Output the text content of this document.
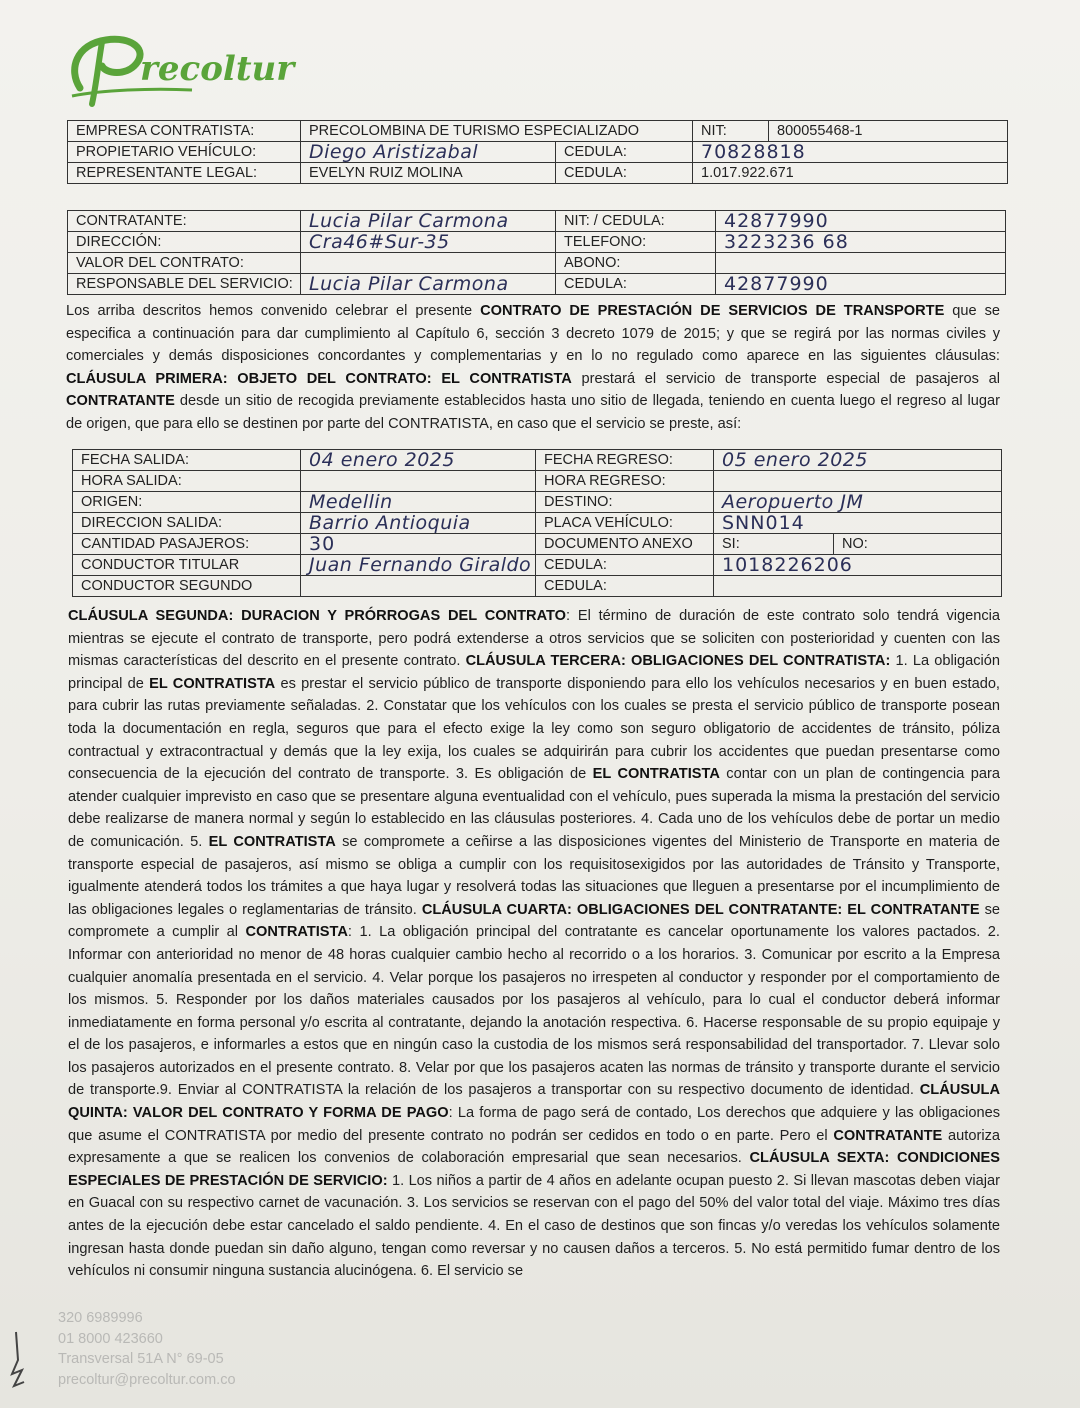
recoltur
EMPRESA CONTRATISTA:	PRECOLOMBINA DE TURISMO ESPECIALIZADO		NIT:	800055468-1
PROPIETARIO VEHÍCULO:	Diego Aristizabal	CEDULA:	70828818	
REPRESENTANTE LEGAL:	EVELYN RUIZ MOLINA	CEDULA:	1.017.922.671	
CONTRATANTE:	Lucia Pilar Carmona	NIT: / CEDULA:	42877990
DIRECCIÓN:	Cra46#Sur-35	TELEFONO:	3223236 68
VALOR DEL CONTRATO:		ABONO:	
RESPONSABLE DEL SERVICIO:	Lucia Pilar Carmona	CEDULA:	42877990
Los arriba descritos hemos convenido celebrar el presente CONTRATO DE PRESTACIÓN DE SERVICIOS DE TRANSPORTE que se especifica a continuación para dar cumplimiento al Capítulo 6, sección 3 decreto 1079 de 2015; y que se regirá por las normas civiles y comerciales y demás disposiciones concordantes y complementarias y en lo no regulado como aparece en las siguientes cláusulas: CLÁUSULA PRIMERA: OBJETO DEL CONTRATO: EL CONTRATISTA prestará el servicio de transporte especial de pasajeros al CONTRATANTE desde un sitio de recogida previamente establecidos hasta uno sitio de llegada, teniendo en cuenta luego el regreso al lugar de origen, que para ello se destinen por parte del CONTRATISTA, en caso que el servicio se preste, así:
FECHA SALIDA:	04 enero 2025	FECHA REGRESO:	05 enero 2025	
HORA SALIDA:		HORA REGRESO:		
ORIGEN:	Medellin	DESTINO:	Aeropuerto JM	
DIRECCION SALIDA:	Barrio Antioquia	PLACA VEHÍCULO:	SNN014	
CANTIDAD PASAJEROS:	30	DOCUMENTO ANEXO	SI:	NO:
CONDUCTOR TITULAR	Juan Fernando Giraldo	CEDULA:	1018226206	
CONDUCTOR SEGUNDO		CEDULA:		
CLÁUSULA SEGUNDA: DURACION Y PRÓRROGAS DEL CONTRATO: El término de duración de este contrato solo tendrá vigencia mientras se ejecute el contrato de transporte, pero podrá extenderse a otros servicios que se soliciten con posterioridad y cuenten con las mismas características del descrito en el presente contrato. CLÁUSULA TERCERA: OBLIGACIONES DEL CONTRATISTA: 1. La obligación principal de EL CONTRATISTA es prestar el servicio público de transporte disponiendo para ello los vehículos necesarios y en buen estado, para cubrir las rutas previamente señaladas. 2. Constatar que los vehículos con los cuales se presta el servicio público de transporte posean toda la documentación en regla, seguros que para el efecto exige la ley como son seguro obligatorio de accidentes de tránsito, póliza contractual y extracontractual y demás que la ley exija, los cuales se adquirirán para cubrir los accidentes que puedan presentarse como consecuencia de la ejecución del contrato de transporte. 3. Es obligación de EL CONTRATISTA contar con un plan de contingencia para atender cualquier imprevisto en caso que se presentare alguna eventualidad con el vehículo, pues superada la misma la prestación del servicio debe realizarse de manera normal y según lo establecido en las cláusulas posteriores. 4. Cada uno de los vehículos debe de portar un medio de comunicación. 5. EL CONTRATISTA se compromete a ceñirse a las disposiciones vigentes del Ministerio de Transporte en materia de transporte especial de pasajeros, así mismo se obliga a cumplir con los requisitosexigidos por las autoridades de Tránsito y Transporte, igualmente atenderá todos los trámites a que haya lugar y resolverá todas las situaciones que lleguen a presentarse por el incumplimiento de las obligaciones legales o reglamentarias de tránsito. CLÁUSULA CUARTA: OBLIGACIONES DEL CONTRATANTE: EL CONTRATANTE se compromete a cumplir al CONTRATISTA: 1. La obligación principal del contratante es cancelar oportunamente los valores pactados. 2. Informar con anterioridad no menor de 48 horas cualquier cambio hecho al recorrido o a los horarios. 3. Comunicar por escrito a la Empresa cualquier anomalía presentada en el servicio. 4. Velar porque los pasajeros no irrespeten al conductor y responder por el comportamiento de los mismos. 5. Responder por los daños materiales causados por los pasajeros al vehículo, para lo cual el conductor deberá informar inmediatamente en forma personal y/o escrita al contratante, dejando la anotación respectiva. 6. Hacerse responsable de su propio equipaje y el de los pasajeros, e informarles a estos que en ningún caso la custodia de los mismos será responsabilidad del transportador. 7. Llevar solo los pasajeros autorizados en el presente contrato. 8. Velar por que los pasajeros acaten las normas de tránsito y transporte durante el servicio de transporte.9. Enviar al CONTRATISTA la relación de los pasajeros a transportar con su respectivo documento de identidad. CLÁUSULA QUINTA: VALOR DEL CONTRATO Y FORMA DE PAGO: La forma de pago será de contado, Los derechos que adquiere y las obligaciones que asume el CONTRATISTA por medio del presente contrato no podrán ser cedidos en todo o en parte. Pero el CONTRATANTE autoriza expresamente a que se realicen los convenios de colaboración empresarial que sean necesarios. CLÁUSULA SEXTA: CONDICIONES ESPECIALES DE PRESTACIÓN DE SERVICIO: 1. Los niños a partir de 4 años en adelante ocupan puesto 2. Si llevan mascotas deben viajar en Guacal con su respectivo carnet de vacunación. 3. Los servicios se reservan con el pago del 50% del valor total del viaje. Máximo tres días antes de la ejecución debe estar cancelado el saldo pendiente. 4. En el caso de destinos que son fincas y/o veredas los vehículos solamente ingresan hasta donde puedan sin daño alguno, tengan como reversar y no causen daños a terceros. 5. No está permitido fumar dentro de los vehículos ni consumir ninguna sustancia alucinógena. 6. El servicio se
320 6989996
01 8000 423660
Transversal 51A N° 69-05
precoltur@precoltur.com.co
